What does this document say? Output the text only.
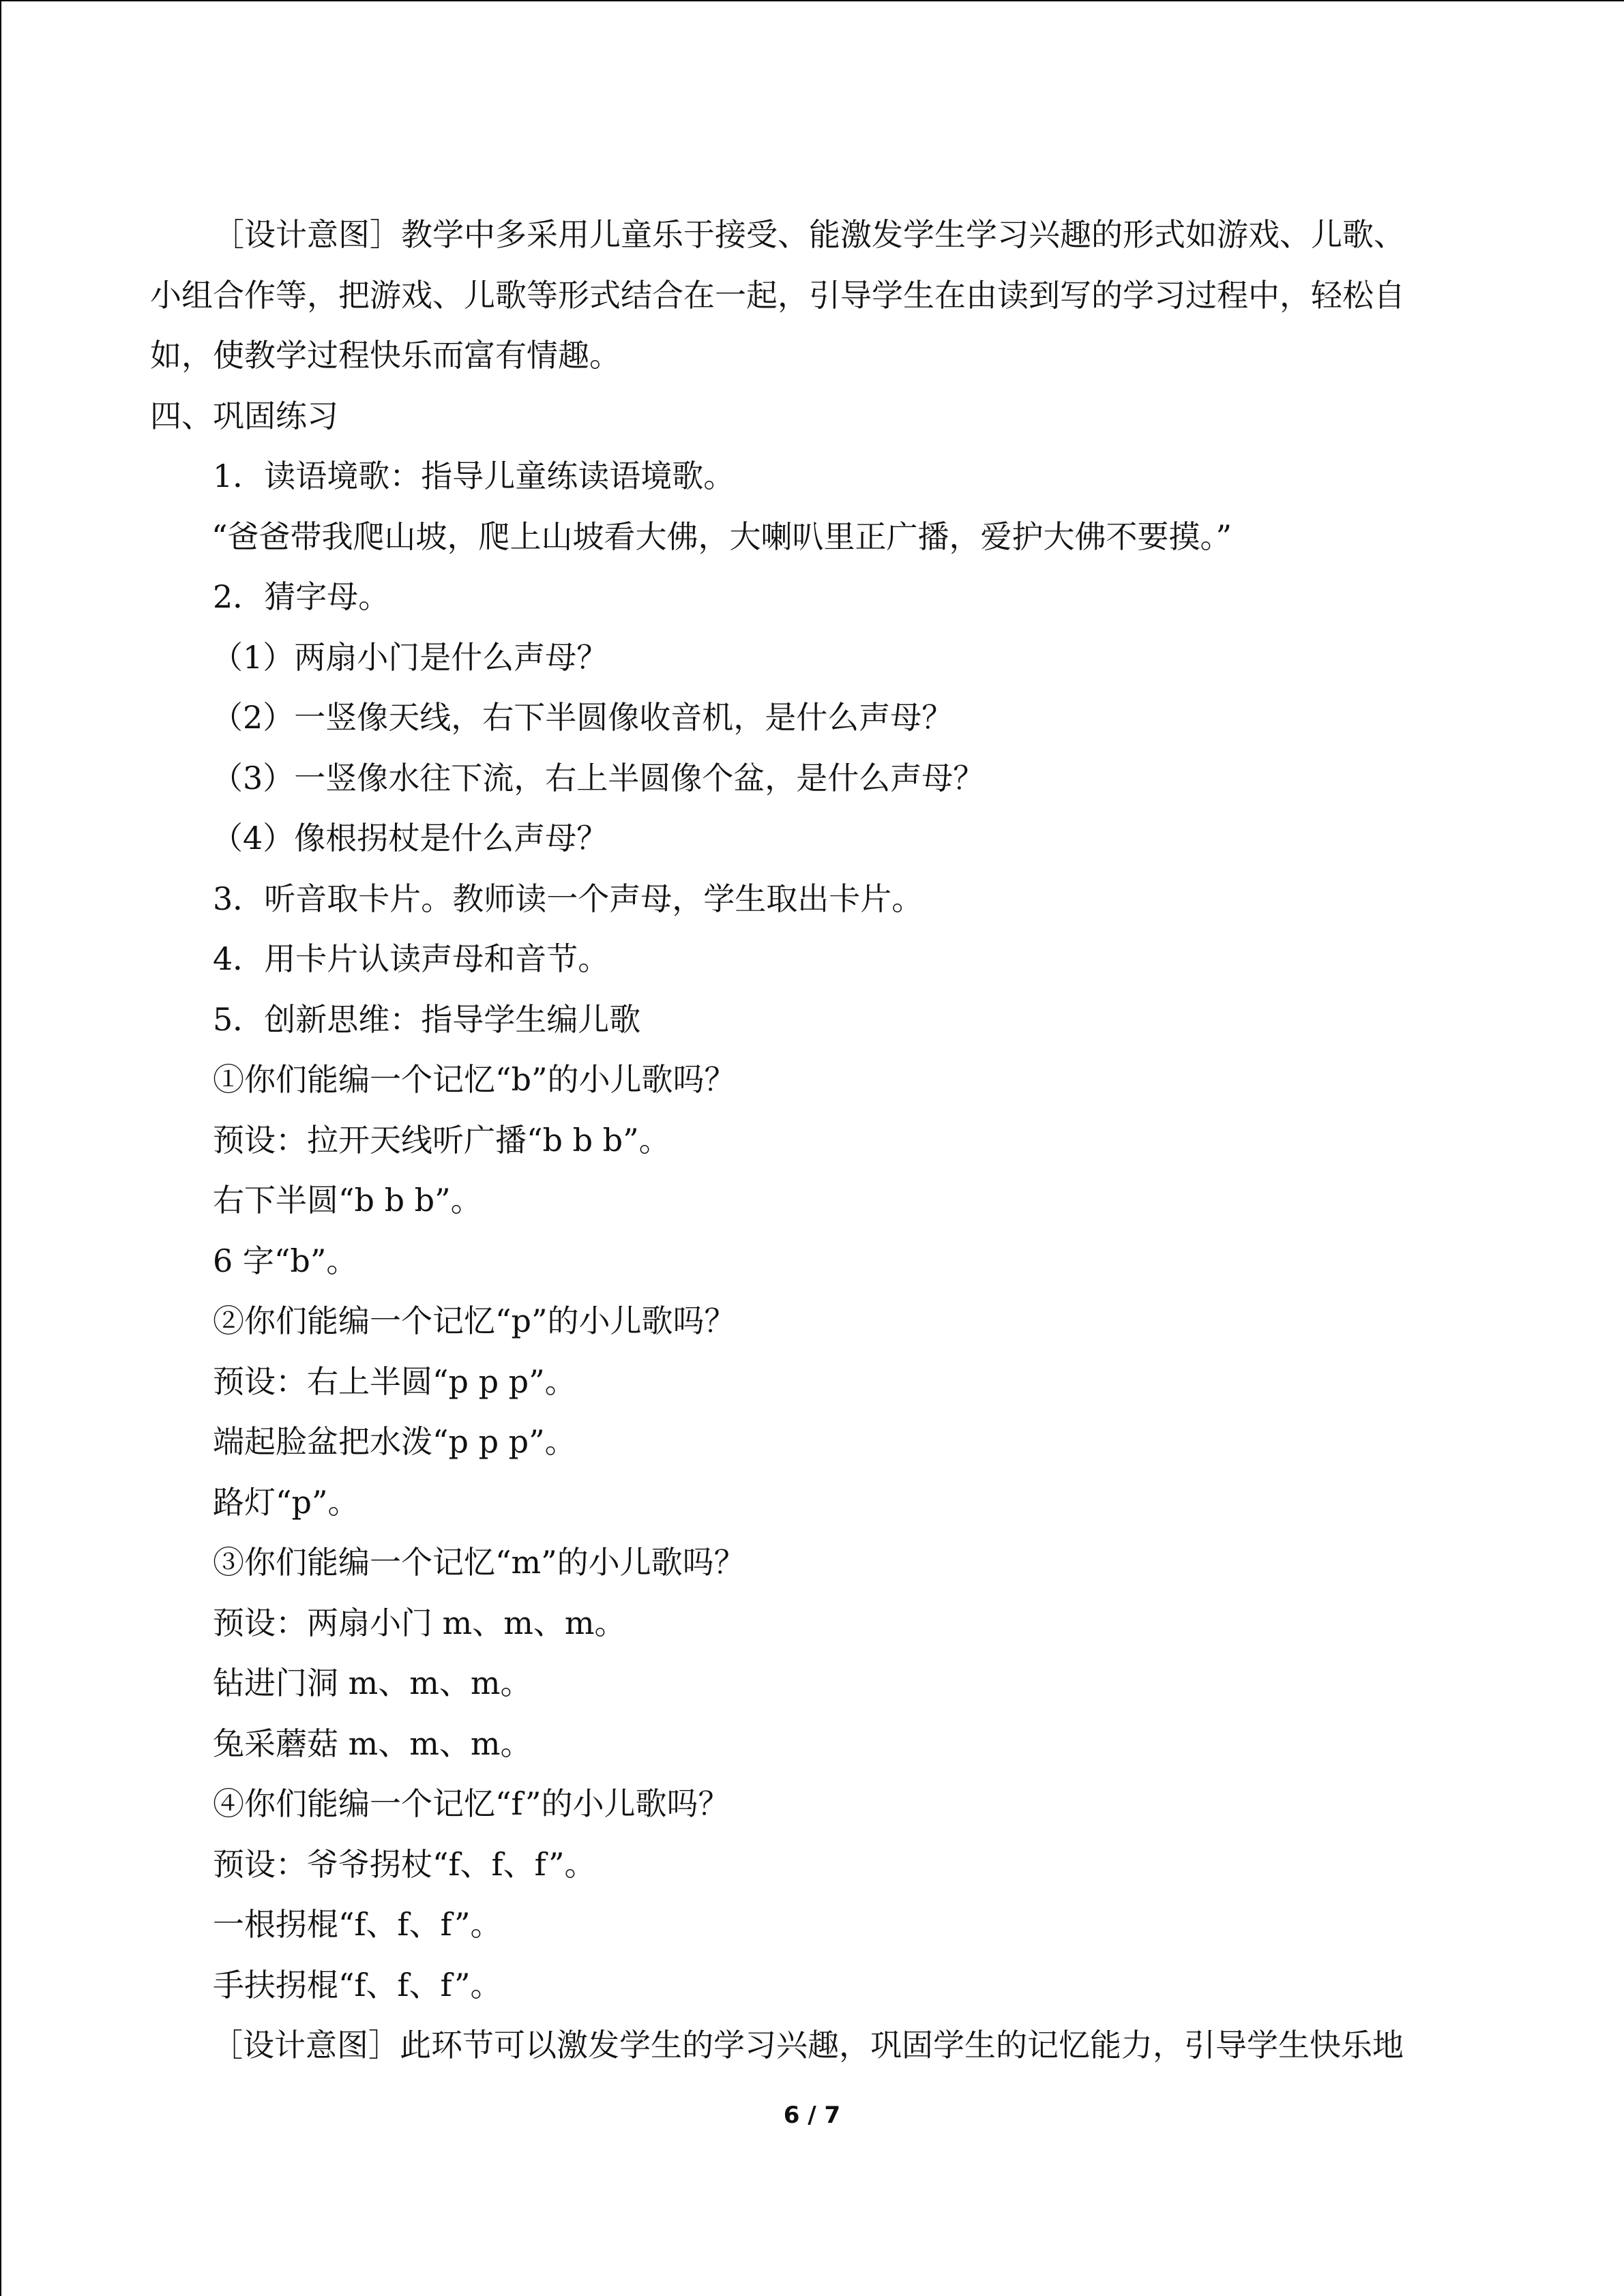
［设计意图］教学中多采用儿童乐于接受、能激发学生学习兴趣的形式如游戏、儿歌、
小组合作等，把游戏、儿歌等形式结合在一起，引导学生在由读到写的学习过程中，轻松自
如，使教学过程快乐而富有情趣。
四、巩固练习
1．读语境歌：指导儿童练读语境歌。
“爸爸带我爬山坡，爬上山坡看大佛，大喇叭里正广播，爱护大佛不要摸。”
2．猜字母。
（1）两扇小门是什么声母？
（2）一竖像天线，右下半圆像收音机，是什么声母？
（3）一竖像水往下流，右上半圆像个盆，是什么声母？
（4）像根拐杖是什么声母？
3．听音取卡片。教师读一个声母，学生取出卡片。
4．用卡片认读声母和音节。
5．创新思维：指导学生编儿歌
①你们能编一个记忆“b”的小儿歌吗？
预设：拉开天线听广播“b b b”。
右下半圆“b b b”。
6 字“b”。
②你们能编一个记忆“p”的小儿歌吗？
预设：右上半圆“p p p”。
端起脸盆把水泼“p p p”。
路灯“p”。
③你们能编一个记忆“m”的小儿歌吗？
预设：两扇小门 m、m、m。
钻进门洞 m、m、m。
兔采蘑菇 m、m、m。
④你们能编一个记忆“f”的小儿歌吗？
预设：爷爷拐杖“f、f、f”。
一根拐棍“f、f、f”。
手扶拐棍“f、f、f”。
［设计意图］此环节可以激发学生的学习兴趣，巩固学生的记忆能力，引导学生快乐地
6 / 7
